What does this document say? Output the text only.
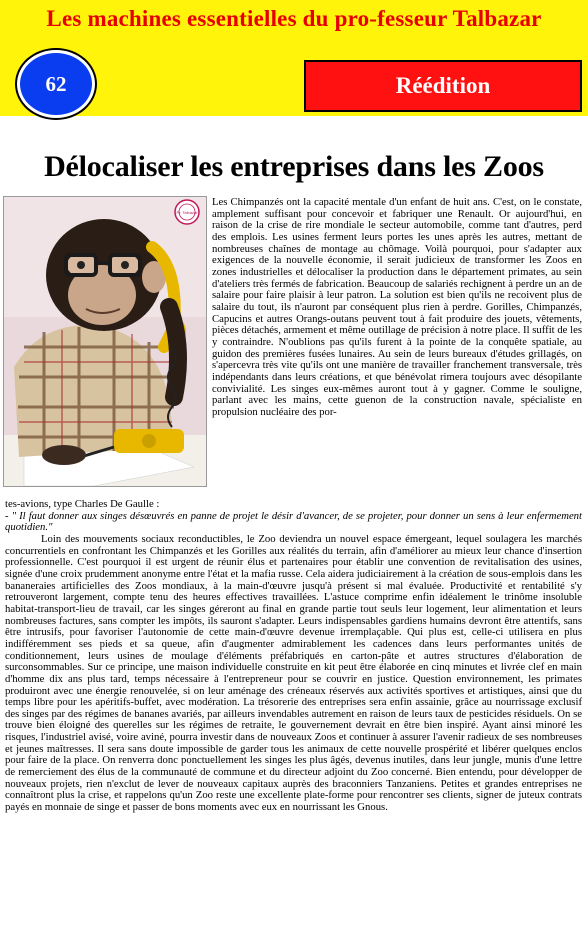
Les machines essentielles du pro-fesseur Talbazar
62	Réédition
Délocaliser les entreprises dans les Zoos
Pr. Talbazar

Les Chimpanzés ont la capacité mentale d'un enfant de huit ans. C'est, on le constate, amplement suffisant pour concevoir et fabriquer une Renault. Or aujourd'hui, en raison de la crise de rire mondiale le secteur automobile, comme tant d'autres, perd des emplois. Les usines ferment leurs portes les unes après les autres, mettant de nombreuses chaînes de montage au chômage. Voilà pourquoi, pour s'adapter aux exigences de la nouvelle économie, il serait judicieux de transformer les Zoos en zones industrielles et délocaliser la production dans le département primates, au sein d'ateliers très fermés de fabrication. Beaucoup de salariés rechignent à perdre un an de salaire pour faire plaisir à leur patron. La solution est bien qu'ils ne recoivent plus de salaire du tout, ils n'auront par conséquent plus rien à perdre. Gorilles, Chimpanzés, Capucins et autres Orangs-outans peuvent tout à fait produire des jouets, vêtements, pièces détachés, armement et même outillage de précision à notre place. Il suffit de les y contraindre. N'oublions pas qu'ils furent à la pointe de la conquête spatiale, au guidon des premières fusées lunaires. Au sein de leurs bureaux d'études grillagés, on s'apercevra très vite qu'ils ont une manière de travailler franchement transversale, très indépendants dans leurs créations, et que bénévolat rimera toujours avec désopilante convivialité. Les singes eux-mêmes auront tout à y gagner. Comme le souligne, parlant avec les mains, cette guenon de la construction navale, spécialiste en propulsion nucléaire des por-

tes-avions, type Charles De Gaulle :

- " Il faut donner aux singes désœuvrés en panne de projet le désir d'avancer, de se projeter, pour donner un sens à leur enfermement quotidien."

Loin des mouvements sociaux reconductibles, le Zoo deviendra un nouvel espace émergeant, lequel soulagera les marchés concurrentiels en confrontant les Chimpanzés et les Gorilles aux réalités du terrain, afin d'améliorer au mieux leur chance d'insertion professionnelle. C'est pourquoi il est urgent de réunir élus et partenaires pour établir une convention de revitalisation des usines, signée d'une croix prudemment anonyme entre l'état et la mafia russe. Cela aidera judiciairement à la création de sous-emplois dans les bananeraies artificielles des Zoos mondiaux, à la main-d'œuvre jusqu'à présent si mal évaluée. Productivité et rentabilité s'y retrouveront largement, compte tenu des heures effectives travaillées. L'astuce comprime enfin idéalement le trinôme insoluble habitat-transport-lieu de travail, car les singes géreront au final en grande partie tout seuls leur logement, leur alimentation et leurs nombreuses factures, sans compter les impôts, ils sauront s'adapter. Leurs indispensables gardiens humains devront être attentifs, sans être intrusifs, pour favoriser l'autonomie de cette main-d'œuvre devenue irremplaçable. Qui plus est, celle-ci utilisera en plus indifféremment ses pieds et sa queue, afin d'augmenter admirablement les cadences dans leurs performantes unités de conditionnement, leurs usines de moulage d'éléments préfabriqués en carton-pâte et autres structures d'élaboration de surconsommables. Sur ce principe, une maison individuelle construite en kit peut être élaborée en cinq minutes et livrée clef en main d'homme dix ans plus tard, temps nécessaire à l'entrepreneur pour se couvrir en justice. Question environnement, les primates produiront avec une énergie renouvelée, si on leur aménage des créneaux réservés aux activités sportives et artistiques, ainsi que du temps libre pour les apéritifs-buffet, avec modération. La trésorerie des entreprises sera enfin assainie, grâce au nourrissage exclusif des singes par des régimes de bananes avariés, par ailleurs invendables autrement en raison de leurs taux de pesticides résiduels. On se trouve bien éloigné des querelles sur les régimes de retraite, le gouvernement devrait en être bien inspiré. Ayant ainsi minoré les risques, l'industriel avisé, voire aviné, pourra investir dans de nouveaux Zoos et continuer à assurer l'avenir radieux de ses nombreuses et jeunes maîtresses. Il sera sans doute impossible de garder tous les animaux de cette nouvelle prospérité et libérer quelques enclos pour faire de la place. On renverra donc ponctuellement les singes les plus âgés, devenus inutiles, dans leur jungle, munis d'une lettre de remerciement des élus de la communauté de commune et du directeur adjoint du Zoo concerné. Bien entendu, pour développer de nouveaux projets, rien n'exclut de lever de nouveaux capitaux auprès des braconniers Tanzaniens. Petites et grandes entreprises ne connaîtront plus la crise, et rappelons qu'un Zoo reste une excellente plate-forme pour rencontrer ses clients, signer de juteux contrats payés en monnaie de singe et passer de bons moments avec eux en nourrissant les Gnous.
